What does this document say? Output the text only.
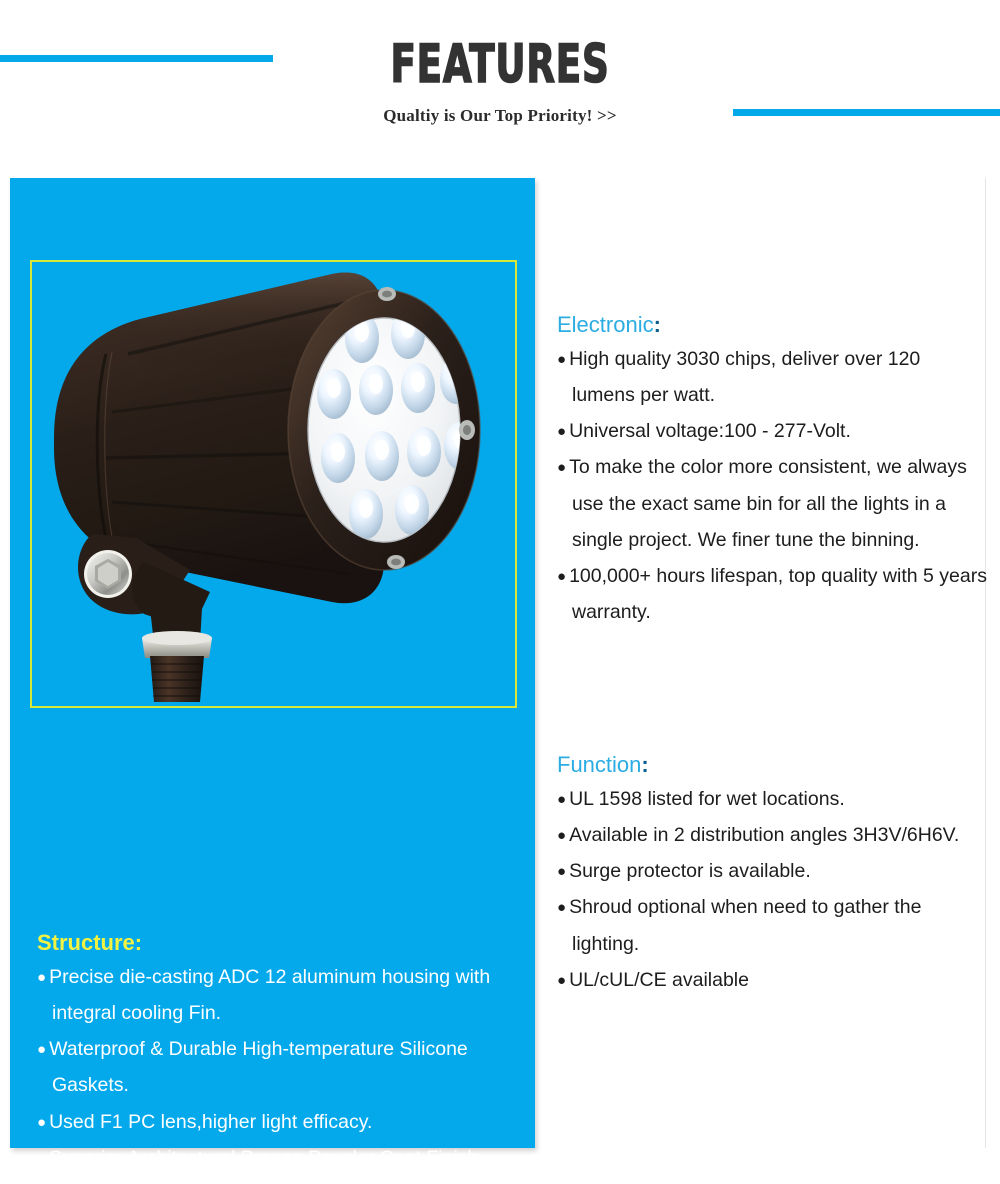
FEATURES
Qualtiy is Our Top Priority! >>
Structure:
● Precise die-casting ADC 12 aluminum housing with integral cooling Fin.
● Waterproof & Durable High-temperature Silicone Gaskets.
● Used F1 PC lens,higher light efficacy.
● Superior Architectural Bronze Powder Coat Finish.
Electronic:
● High quality 3030 chips, deliver over 120 lumens per watt.
● Universal voltage:100 - 277-Volt.
● To make the color more consistent, we always use the exact same bin for all the lights in a single project. We finer tune the binning.
● 100,000+ hours lifespan, top quality with 5 years warranty.
Function:
● UL 1598 listed for wet locations.
● Available in 2 distribution angles 3H3V/6H6V.
● Surge protector is available.
● Shroud optional when need to gather the lighting.
● UL/cUL/CE available
